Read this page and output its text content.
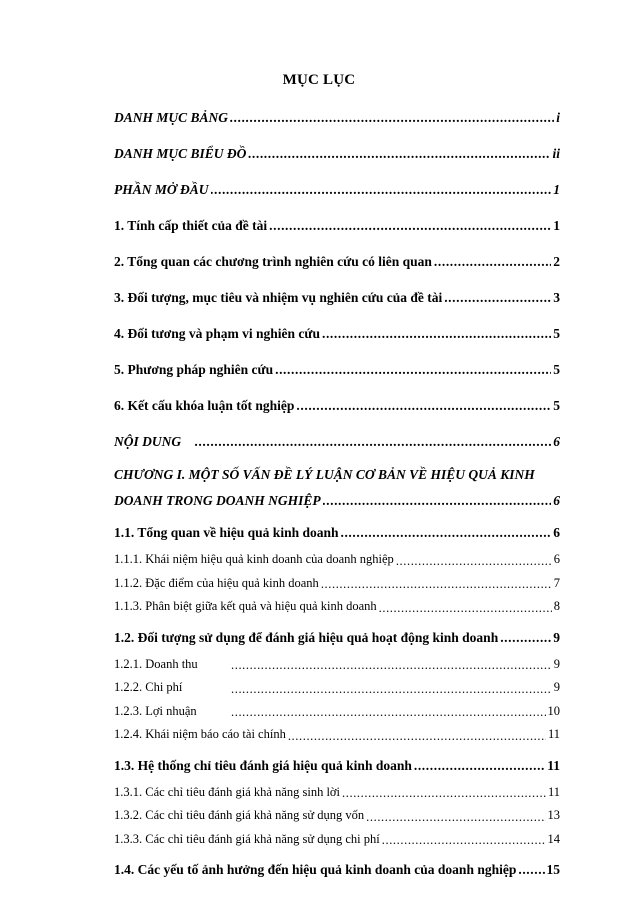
MỤC LỤC
DANH MỤC BẢNG .....	i
DANH MỤC BIỂU ĐỒ .....	ii
PHẦN MỞ ĐẦU .....	1
1. Tính cấp thiết của đề tài .....	1
2. Tổng quan các chương trình nghiên cứu có liên quan .....	2
3. Đối tượng, mục tiêu và nhiệm vụ nghiên cứu của đề tài .....	3
4. Đối tương và phạm vi nghiên cứu .....	5
5. Phương pháp nghiên cứu .....	5
6. Kết cấu khóa luận tốt nghiệp .....	5
NỘI DUNG .....	6
CHƯƠNG I. MỘT SỐ VẤN ĐỀ LÝ LUẬN CƠ BẢN VỀ HIỆU QUẢ KINH
DOANH TRONG DOANH NGHIỆP .....	6
1.1. Tổng quan về hiệu quả kinh doanh .....	6
1.1.1. Khái niệm hiệu quả kinh doanh của doanh nghiệp .....	6
1.1.2. Đặc điểm của hiệu quả kinh doanh .....	7
1.1.3. Phân biệt giữa kết quả và hiệu quả kinh doanh .....	8
1.2. Đối tượng sử dụng để đánh giá hiệu quả hoạt động kinh doanh .....	9
1.2.1. Doanh thu .....	9
1.2.2. Chi phí .....	9
1.2.3. Lợi nhuận .....	10
1.2.4. Khái niệm báo cáo tài chính .....	11
1.3. Hệ thống chỉ tiêu đánh giá hiệu quả kinh doanh .....	11
1.3.1. Các chỉ tiêu đánh giá khả năng sinh lời .....	11
1.3.2. Các chỉ tiêu đánh giá khả năng sử dụng vốn .....	13
1.3.3. Các chỉ tiêu đánh giá khả năng sử dụng chi phí .....	14
1.4. Các yếu tố ảnh hưởng đến hiệu quả kinh doanh của doanh nghiệp ..... 15
